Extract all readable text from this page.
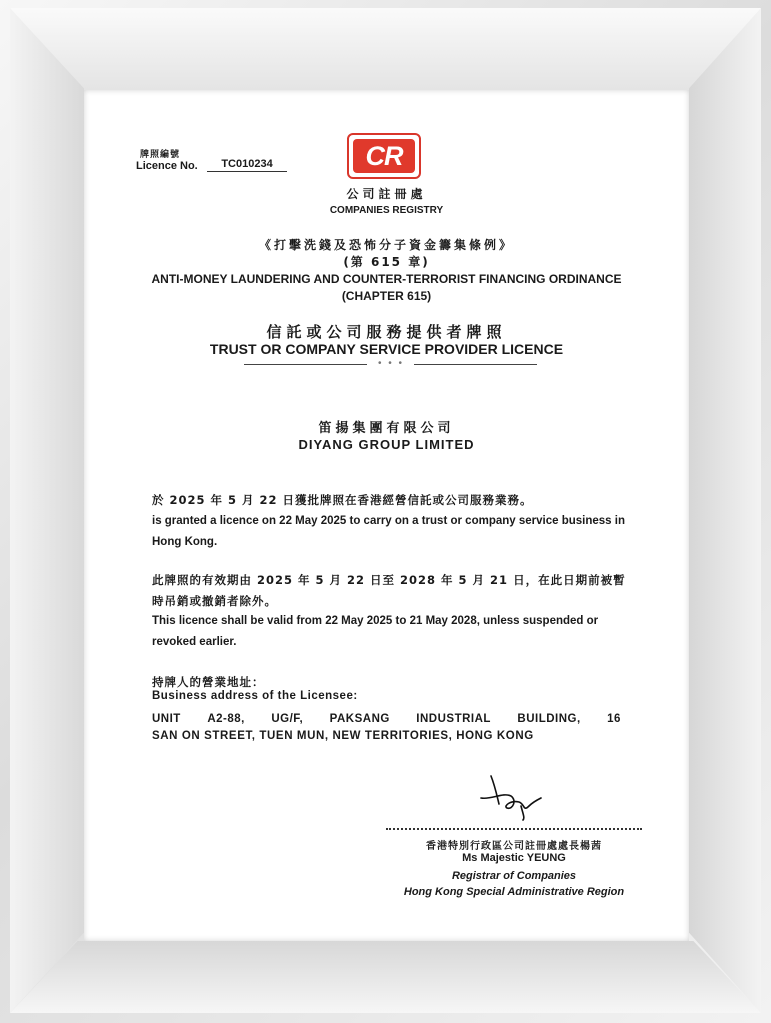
牌照編號
Licence No.	TC010234	CR
公司註冊處
COMPANIES REGISTRY
《打擊洗錢及恐怖分子資金籌集條例》
(第 615 章)
ANTI-MONEY LAUNDERING AND COUNTER-TERRORIST FINANCING ORDINANCE
(CHAPTER 615)
信託或公司服務提供者牌照
TRUST OR COMPANY SERVICE PROVIDER LICENCE
• • •
笛揚集團有限公司
DIYANG GROUP LIMITED
於 2025 年 5 月 22 日獲批牌照在香港經營信託或公司服務業務。
is granted a licence on 22 May 2025 to carry on a trust or company service business in Hong Kong.
此牌照的有效期由 2025 年 5 月 22 日至 2028 年 5 月 21 日，在此日期前被暫時吊銷或撤銷者除外。
This licence shall be valid from 22 May 2025 to 21 May 2028, unless suspended or revoked earlier.
持牌人的營業地址：
Business address of the Licensee:
UNIT A2-88, UG/F, PAKSANG INDUSTRIAL BUILDING, 16
SAN ON STREET, TUEN MUN, NEW TERRITORIES, HONG KONG
香港特別行政區公司註冊處處長楊茜
Ms Majestic YEUNG
Registrar of Companies
Hong Kong Special Administrative Region
